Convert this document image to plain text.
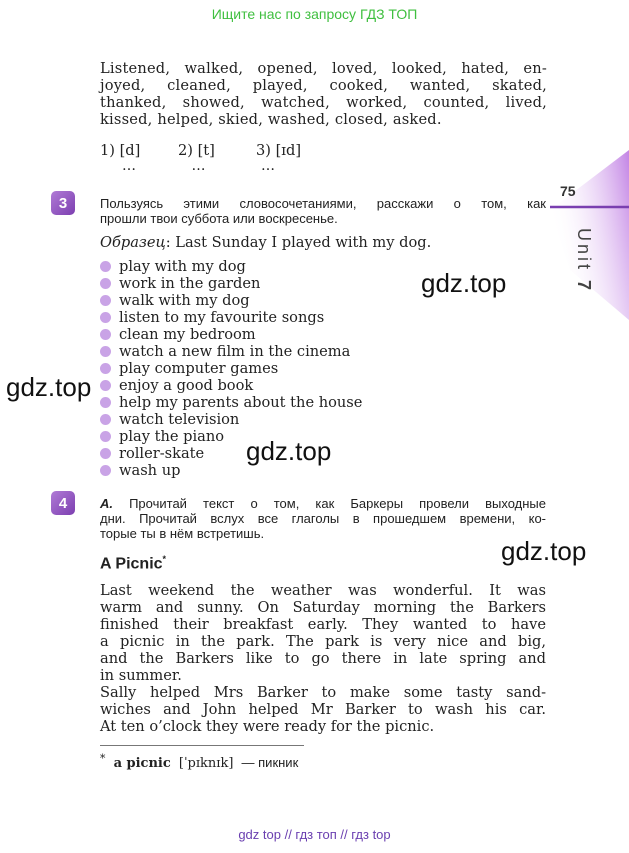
Ищите нас по запросу ГДЗ ТОП

Listened, walked, opened, loved, looked, hated, en-

joyed, cleaned, played, cooked, wanted, skated,

thanked, showed, watched, worked, counted, lived,

kissed, helped, skied, washed, closed, asked.

1) [d]	2) [t]	3) [ɪd]
…          …          …
75
Unit 7
3	Пользуясь этими словосочетаниями, расскажи о том, как
прошли твои суббота или воскресенье.
Образец: Last Sunday I played with my dog.
play with my dog
work in the garden
walk with my dog
listen to my favourite songs
clean my bedroom
watch a new film in the cinema
play computer games
enjoy a good book
help my parents about the house
watch television
play the piano
roller-skate
wash up
gdz.top
gdz.top
gdz.top
gdz.top
4	A. Прочитай текст о том, как Баркеры провели выходные
дни. Прочитай вслух все глаголы в прошедшем времени, ко-
торые ты в нём встретишь.
A Picnic*

Last weekend the weather was wonderful. It was

warm and sunny. On Saturday morning the Barkers

finished their breakfast early. They wanted to have

a picnic in the park. The park is very nice and big,

and the Barkers like to go there in late spring and

in summer.

Sally helped Mrs Barker to make some tasty sand-

wiches and John helped Mr Barker to wash his car.

At ten o’clock they were ready for the picnic.

* a picnic [ˈpɪknɪk] — пикник
gdz top // гдз топ // гдз top
